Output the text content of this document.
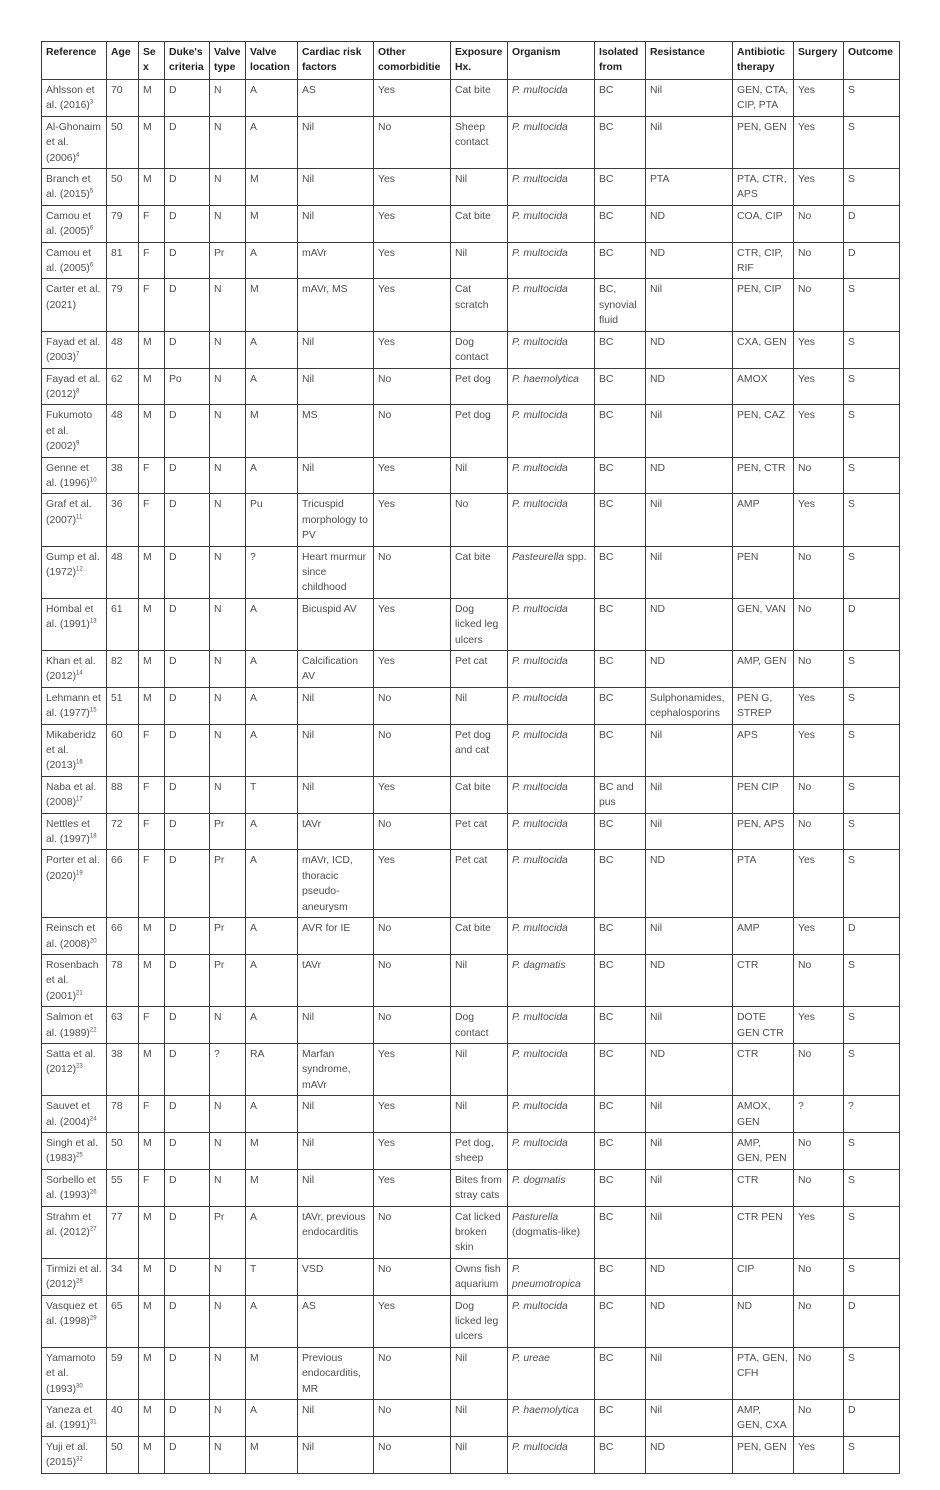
Reference	Age	Sex	Duke's criteria	Valve type	Valve location	Cardiac risk factors	Other comorbiditie	Exposure Hx.	Organism	Isolated from	Resistance	Antibiotic therapy	Surgery	Outcome
Ahlsson et al. $(2016)^3$	70	M	D	N	A	AS	Yes	Cat bite	P. multocida	BC	Nil	GEN, CTA, CIP, PTA	Yes	S
Al-Ghonaim et al. $(2006)^4$	50	M	D	N	A	Nil	No	Sheep contact	P. multocida	BC	Nil	PEN, GEN	Yes	S
Branch et al. $(2015)^5$	50	M	D	N	M	Nil	Yes	Nil	P. multocida	BC	PTA	PTA, CTR, APS	Yes	S
Camou et al. $(2005)^6$	79	F	D	N	M	Nil	Yes	Cat bite	P. multocida	BC	ND	COA, CIP	No	D
Camou et al. $(2005)^6$	81	F	D	Pr	A	mAVr	Yes	Nil	P. multocida	BC	ND	CTR, CIP, RIF	No	D
Carter et al. (2021)	79	F	D	N	M	mAVr, MS	Yes	Cat scratch	P. multocida	BC, synovial fluid	Nil	PEN, CIP	No	S
Fayad et al. $(2003)^7$	48	M	D	N	A	Nil	Yes	Dog contact	P. multocida	BC	ND	CXA, GEN	Yes	S
Fayad et al. $(2012)^8$	62	M	Po	N	A	Nil	No	Pet dog	P. haemolytica	BC	ND	AMOX	Yes	S
Fukumoto et al. $(2002)^9$	48	M	D	N	M	MS	No	Pet dog	P. multocida	BC	Nil	PEN, CAZ	Yes	S
Genne et al. $(1996)^{10}$	38	F	D	N	A	Nil	Yes	Nil	P. multocida	BC	ND	PEN, CTR	No	S
Graf et al. $(2007)^{11}$	36	F	D	N	Pu	Tricuspid morphology to PV	Yes	No	P. multocida	BC	Nil	AMP	Yes	S
Gump et al. $(1972)^{12}$	48	M	D	N	?	Heart murmur since childhood	No	Cat bite	Pasteurella spp.	BC	Nil	PEN	No	S
Hombal et al. $(1991)^{13}$	61	M	D	N	A	Bicuspid AV	Yes	Dog licked leg ulcers	P. multocida	BC	ND	GEN, VAN	No	D
Khan et al. $(2012)^{14}$	82	M	D	N	A	Calcification AV	Yes	Pet cat	P. multocida	BC	ND	AMP, GEN	No	S
Lehmann et al. $(1977)^{15}$	51	M	D	N	A	Nil	No	Nil	P. multocida	BC	Sulphonamides, cephalosporins	PEN G, STREP	Yes	S
Mikaberidz et al. $(2013)^{16}$	60	F	D	N	A	Nil	No	Pet dog and cat	P. multocida	BC	Nil	APS	Yes	S
Naba et al. $(2008)^{17}$	88	F	D	N	T	Nil	Yes	Cat bite	P. multocida	BC and pus	Nil	PEN CIP	No	S
Nettles et al. $(1997)^{18}$	72	F	D	Pr	A	tAVr	No	Pet cat	P. multocida	BC	Nil	PEN, APS	No	S
Porter et al. $(2020)^{19}$	66	F	D	Pr	A	mAVr, ICD, thoracic pseudo-aneurysm	Yes	Pet cat	P. multocida	BC	ND	PTA	Yes	S
Reinsch et al. $(2008)^{20}$	66	M	D	Pr	A	AVR for IE	No	Cat bite	P. multocida	BC	Nil	AMP	Yes	D
Rosenbach et al. $(2001)^{21}$	78	M	D	Pr	A	tAVr	No	Nil	P. dagmatis	BC	ND	CTR	No	S
Salmon et al. $(1989)^{22}$	63	F	D	N	A	Nil	No	Dog contact	P. multocida	BC	Nil	DOTE GEN CTR	Yes	S
Satta et al. $(2012)^{23}$	38	M	D	?	RA	Marfan syndrome, mAVr	Yes	Nil	P. multocida	BC	ND	CTR	No	S
Sauvet et al. $(2004)^{24}$	78	F	D	N	A	Nil	Yes	Nil	P. multocida	BC	Nil	AMOX, GEN	?	?
Singh et al. $(1983)^{25}$	50	M	D	N	M	Nil	Yes	Pet dog, sheep	P. multocida	BC	Nil	AMP, GEN, PEN	No	S
Sorbello et al. $(1993)^{26}$	55	F	D	N	M	Nil	Yes	Bites from stray cats	P. dogmatis	BC	Nil	CTR	No	S
Strahm et al. $(2012)^{27}$	77	M	D	Pr	A	tAVr, previous endocarditis	No	Cat licked broken skin	Pasturella (dogmatis-like)	BC	Nil	CTR PEN	Yes	S
Tirmizi et al. $(2012)^{28}$	34	M	D	N	T	VSD	No	Owns fish aquarium	P. pneumotropica	BC	ND	CIP	No	S
Vasquez et al. $(1998)^{29}$	65	M	D	N	A	AS	Yes	Dog licked leg ulcers	P. multocida	BC	ND	ND	No	D
Yamamoto et al. $(1993)^{30}$	59	M	D	N	M	Previous endocarditis, MR	No	Nil	P. ureae	BC	Nil	PTA, GEN, CFH	No	S
Yaneza et al. $(1991)^{31}$	40	M	D	N	A	Nil	No	Nil	P. haemolytica	BC	Nil	AMP, GEN, CXA	No	D
Yuji et al. $(2015)^{32}$	50	M	D	N	M	Nil	No	Nil	P. multocida	BC	ND	PEN, GEN	Yes	S
